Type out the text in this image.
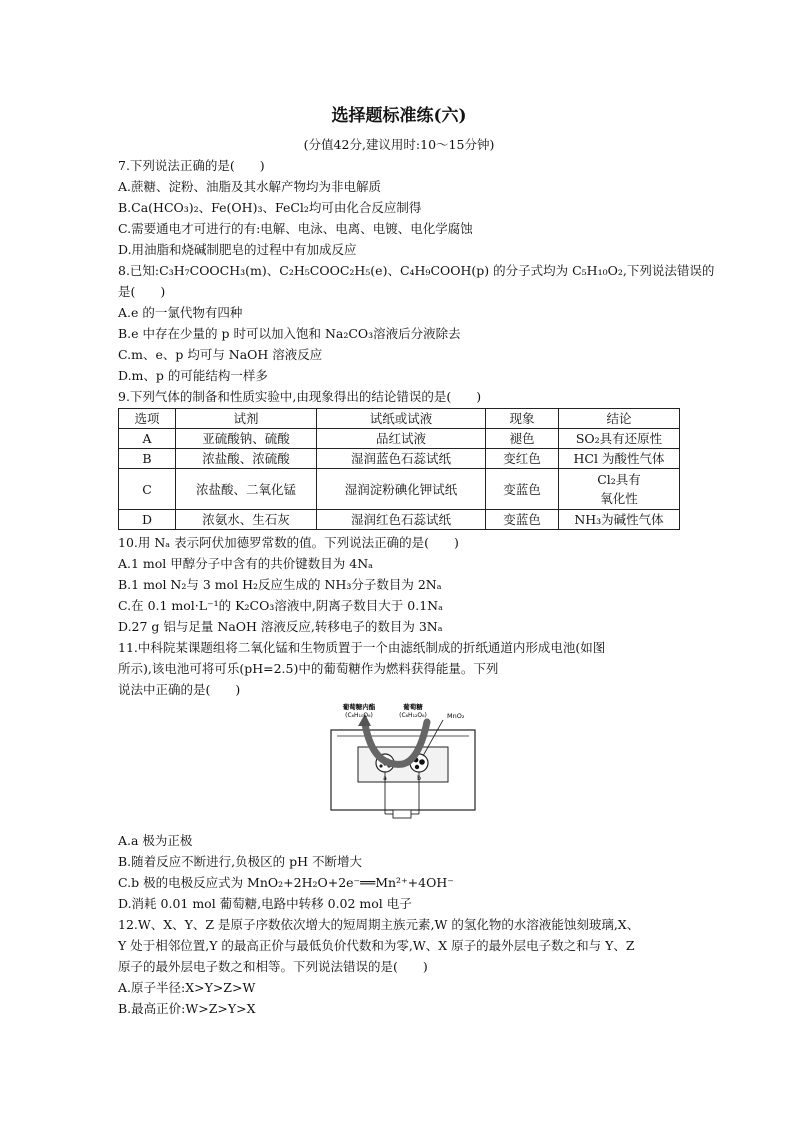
选择题标准练(六)
(分值42分,建议用时:10～15分钟)
7.下列说法正确的是(　　)
A.蔗糖、淀粉、油脂及其水解产物均为非电解质
B.Ca(HCO₃)₂、Fe(OH)₃、FeCl₂均可由化合反应制得
C.需要通电才可进行的有:电解、电泳、电离、电镀、电化学腐蚀
D.用油脂和烧碱制肥皂的过程中有加成反应
8.已知:C₃H₇COOCH₃(m)、C₂H₅COOC₂H₅(e)、C₄H₉COOH(p) 的分子式均为 C₅H₁₀O₂,下列说法错误的
是(　　)
A.e 的一氯代物有四种
B.e 中存在少量的 p 时可以加入饱和 Na₂CO₃溶液后分液除去
C.m、e、p 均可与 NaOH 溶液反应
D.m、p 的可能结构一样多
9.下列气体的制备和性质实验中,由现象得出的结论错误的是(　　)
选项	试剂	试纸或试液	现象	结论
A	亚硫酸钠、硫酸	品红试液	褪色	SO₂具有还原性
B	浓盐酸、浓硫酸	湿润蓝色石蕊试纸	变红色	HCl 为酸性气体
C	浓盐酸、二氧化锰	湿润淀粉碘化钾试纸	变蓝色	Cl₂具有
氧化性

D	浓氨水、生石灰	湿润红色石蕊试纸	变蓝色	NH₃为碱性气体
10.用 Nₐ 表示阿伏加德罗常数的值。下列说法正确的是(　　)
A.1 mol 甲醇分子中含有的共价键数目为 4Nₐ
B.1 mol N₂与 3 mol H₂反应生成的 NH₃分子数目为 2Nₐ
C.在 0.1 mol·L⁻¹的 K₂CO₃溶液中,阴离子数目大于 0.1Nₐ
D.27 g 铝与足量 NaOH 溶液反应,转移电子的数目为 3Nₐ
11.中科院某课题组将二氧化锰和生物质置于一个由滤纸制成的折纸通道内形成电池(如图
所示),该电池可将可乐(pH=2.5)中的葡萄糖作为燃料获得能量。下列
说法中正确的是(　　)
葡萄糖内酯
(C₆H₁₀O₆)
葡萄糖
(C₆H₁₂O₆)	MnO₂
a	b
A.a 极为正极
B.随着反应不断进行,负极区的 pH 不断增大
C.b 极的电极反应式为 MnO₂+2H₂O+2e⁻══Mn²⁺+4OH⁻
D.消耗 0.01 mol 葡萄糖,电路中转移 0.02 mol 电子
12.W、X、Y、Z 是原子序数依次增大的短周期主族元素,W 的氢化物的水溶液能蚀刻玻璃,X、
Y 处于相邻位置,Y 的最高正价与最低负价代数和为零,W、X 原子的最外层电子数之和与 Y、Z
原子的最外层电子数之和相等。下列说法错误的是(　　)
A.原子半径:X>Y>Z>W
B.最高正价:W>Z>Y>X
